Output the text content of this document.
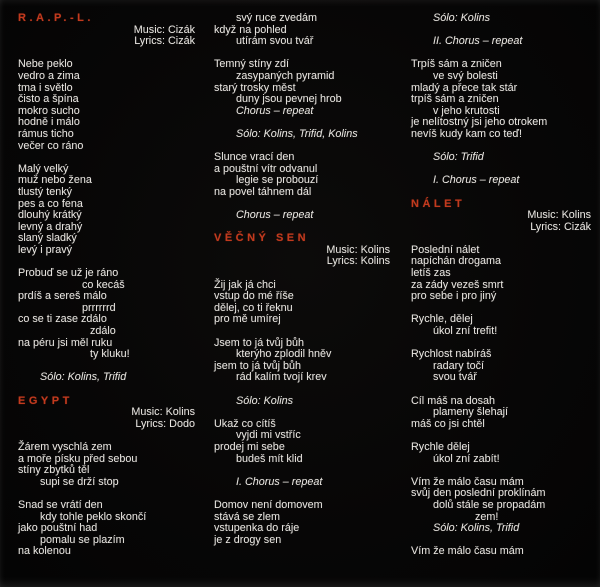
R.A.P.-L.
Music: Cizák
Lyrics: Cizák
Nebe peklo
vedro a zima
tma i světlo
čisto a špína
mokro sucho
hodně i málo
rámus ticho
večer co ráno
Malý velký
muž nebo žena
tlustý tenký
pes a co fena
dlouhý krátký
levný a drahý
slaný sladký
levý i pravý
Probuď se už je ráno
co kecáš
prdíš a sereš málo
prrrrrrd
co se ti zase zdálo
zdálo
na péru jsi měl ruku
ty kluku!
Sólo: Kolins, Trifid
EGYPT
Music: Kolins
Lyrics: Dodo
Žárem vyschlá zem
a moře písku před sebou
stíny zbytků těl
supi se drží stop
Snad se vrátí den
kdy tohle peklo skončí
jako pouštní had
pomalu se plazím
na kolenou
svý ruce zvedám
když na pohled
utírám svou tvář
Temný stíny zdí
zasypaných pyramid
starý trosky měst
duny jsou pevnej hrob
Chorus – repeat
Sólo: Kolins, Trifid, Kolins
Slunce vrací den
a pouštní vítr odvanul
legie se probouzí
na povel táhnem dál
Chorus – repeat
VĚČNÝ SEN
Music: Kolins
Lyrics: Kolins
Žij jak já chci
vstup do mé říše
dělej, co ti řeknu
pro mě umírej
Jsem to já tvůj bůh
kterýho zplodil hněv
jsem to já tvůj bůh
rád kalím tvojí krev
Sólo: Kolins
Ukaž co cítíš
vyjdi mi vstříc
prodej mi sebe
budeš mít klid
I. Chorus – repeat
Domov není domovem
stává se zlem
vstupenka do ráje
je z drogy sen
Sólo: Kolins
II. Chorus – repeat
Trpíš sám a zničen
ve svý bolesti
mladý a přece tak stár
trpíš sám a zničen
v jeho krutosti
je nelítostný jsi jeho otrokem
nevíš kudy kam co teď!
Sólo: Trifid
I. Chorus – repeat
NÁLET
Music: Kolins
Lyrics: Cizák
Poslední nálet
napíchán drogama
letíš zas
za zády vezeš smrt
pro sebe i pro jiný
Rychle, dělej
úkol zní trefit!
Rychlost nabíráš
radary točí
svou tvář
Cíl máš na dosah
plameny šlehají
máš co jsi chtěl
Rychle dělej
úkol zní zabít!
Vím že málo času mám
svůj den poslední proklínám
dolů stále se propadám
zem!
Sólo: Kolins, Trifid
Vím že málo času mám
